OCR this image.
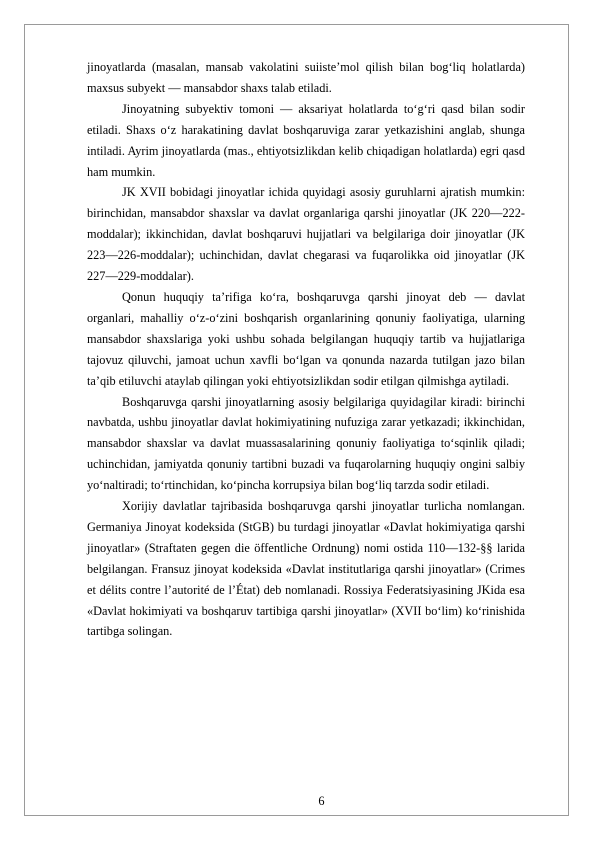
jinoyatlarda (masalan, mansab vakolatini suiiste’mol qilish bilan bog‘liq holatlarda) maxsus subyekt — mansabdor shaxs talab etiladi.

Jinoyatning subyektiv tomoni — aksariyat holatlarda to‘g‘ri qasd bilan sodir etiladi. Shaxs o‘z harakatining davlat boshqaruviga zarar yetkazishini anglab, shunga intiladi. Ayrim jinoyatlarda (mas., ehtiyotsizlikdan kelib chiqadigan holatlarda) egri qasd ham mumkin.

JK XVII bobidagi jinoyatlar ichida quyidagi asosiy guruhlarni ajratish mumkin: birinchidan, mansabdor shaxslar va davlat organlariga qarshi jinoyatlar (JK 220—222-moddalar); ikkinchidan, davlat boshqaruvi hujjatlari va belgilariga doir jinoyatlar (JK 223—226-moddalar); uchinchidan, davlat chegarasi va fuqarolikka oid jinoyatlar (JK 227—229-moddalar).

Qonun huquqiy ta’rifiga ko‘ra, boshqaruvga qarshi jinoyat deb — davlat organlari, mahalliy o‘z-o‘zini boshqarish organlarining qonuniy faoliyatiga, ularning mansabdor shaxslariga yoki ushbu sohada belgilangan huquqiy tartib va hujjatlariga tajovuz qiluvchi, jamoat uchun xavfli bo‘lgan va qonunda nazarda tutilgan jazo bilan ta’qib etiluvchi ataylab qilingan yoki ehtiyotsizlikdan sodir etilgan qilmishga aytiladi.

Boshqaruvga qarshi jinoyatlarning asosiy belgilariga quyidagilar kiradi: birinchi navbatda, ushbu jinoyatlar davlat hokimiyatining nufuziga zarar yetkazadi; ikkinchidan, mansabdor shaxslar va davlat muassasalarining qonuniy faoliyatiga to‘sqinlik qiladi; uchinchidan, jamiyatda qonuniy tartibni buzadi va fuqarolarning huquqiy ongini salbiy yo‘naltiradi; to‘rtinchidan, ko‘pincha korrupsiya bilan bog‘liq tarzda sodir etiladi.

Xorijiy davlatlar tajribasida boshqaruvga qarshi jinoyatlar turlicha nomlangan. Germaniya Jinoyat kodeksida (StGB) bu turdagi jinoyatlar «Davlat hokimiyatiga qarshi jinoyatlar» (Straftaten gegen die öffentliche Ordnung) nomi ostida 110—132-§§ larida belgilangan. Fransuz jinoyat kodeksida «Davlat institutlariga qarshi jinoyatlar» (Crimes et délits contre l’autorité de l’État) deb nomlanadi. Rossiya Federatsiyasining JKida esa «Davlat hokimiyati va boshqaruv tartibiga qarshi jinoyatlar» (XVII bo‘lim) ko‘rinishida tartibga solingan.

6
